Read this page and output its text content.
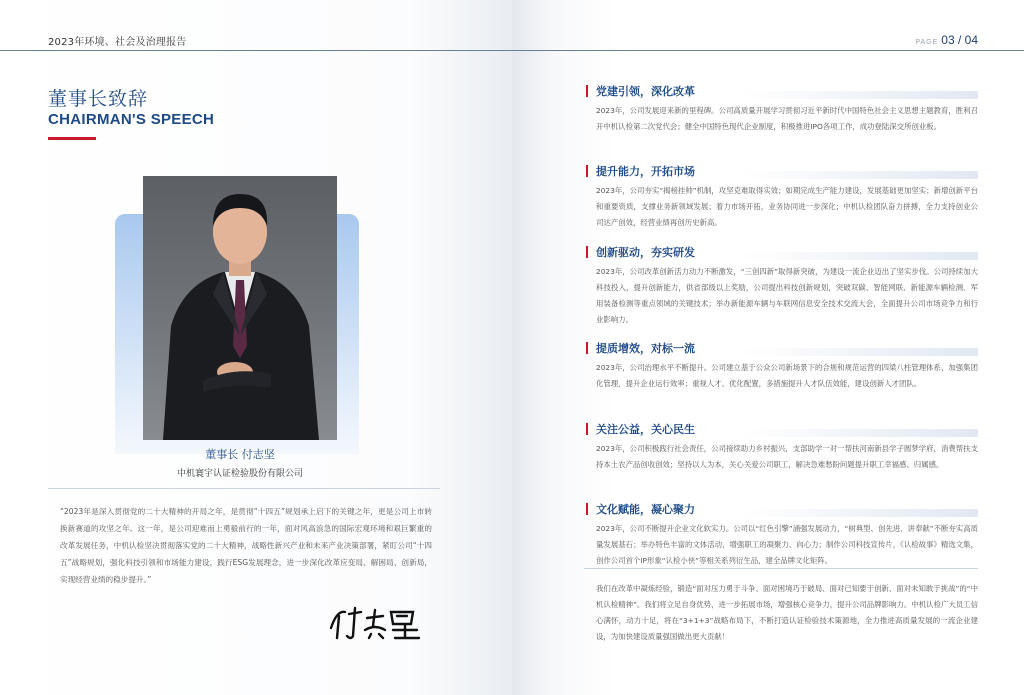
2023年环境、社会及治理报告
董事长致辞
CHAIRMAN'S SPEECH
董事长 付志坚
中机寰宇认证检验股份有限公司
“2023年是深入贯彻党的二十大精神的开局之年，是贯彻“十四五”规划承上启下的关键之年，更是公司上市转换新赛道的攻坚之年。这一年，是公司迎难而上勇毅前行的一年，面对风高浪急的国际宏观环境和艰巨繁重的改革发展任务，中机认检坚决贯彻落实党的二十大精神，战略性新兴产业和未来产业决策部署，紧盯公司“十四五”战略规划，强化科技引领和市场能力建设，践行ESG发展理念，进一步深化改革应变局、解困局、创新局，实现经营业绩的稳步提升。”
PAGE 03 / 04
党建引领，深化改革
2023年，公司发展迎来新的里程碑。公司高质量开展学习贯彻习近平新时代中国特色社会主义思想主题教育，胜利召开中机认检第二次党代会；健全中国特色现代企业制度，积极推进IPO各项工作，成功登陆深交所创业板。
提升能力，开拓市场
2023年，公司夯实“揭榜挂帅”机制，攻坚克难取得实效；如期完成生产能力建设，发展基础更加坚实；新增创新平台和重要资质，支撑业务新领域发展；着力市场开拓，业务协同进一步深化；中机认检团队奋力拼搏，全力支持创业公司达产创效，经营业绩再创历史新高。
创新驱动，夯实研发
2023年，公司改革创新活力动力不断激发，“三创四新”取得新突破，为建设一流企业迈出了坚实步伐。公司持续加大科技投入，提升创新能力，供省部级以上奖励，公司提出科技创新规划，突破双碳、智能网联、新能源车辆检测、军用装备检测等重点领域的关键技术；举办新能源车辆与车联网信息安全技术交流大会，全面提升公司市场竞争力和行业影响力。
提质增效，对标一流
2023年，公司治理水平不断提升。公司建立基于公众公司新场景下的合规和规范运营的四梁八柱管理体系，加强集团化管理，提升企业运行效率；重视人才、优化配置，多措施提升人才队伍效能，建设创新人才团队。
关注公益，关心民生
2023年，公司积极践行社会责任，公司接续助力乡村振兴，支部助学一对一帮扶河南新县学子圆梦学府，消费帮扶支持本土农产品创收创效；坚持以人为本，关心关爱公司职工，解决急难愁盼问题提升职工幸福感、归属感。
文化赋能，凝心聚力
2023年，公司不断提升企业文化软实力。公司以“红色引擎”涵强发展动力，“树典型、创先进、讲奉献”不断夯实高质量发展基石；举办特色丰富的文体活动，增强职工的凝聚力、向心力；制作公司科技宣传片，《认检故事》精选文集，创作公司首个IP形象“认检小侠”等相关系列衍生品，建全品牌文化矩阵。
我们在改革中凝炼经验，锻造“面对压力勇于斗争、面对困境巧于破局、面对已知要于创新、面对未知敢于挑战”的“中机认检精神”。我们将立足自身优势，进一步拓展市场，增强核心竞争力，提升公司品牌影响力。中机认检广大员工信心满怀，动力十足，将在“3+1+3”战略布局下，不断打造认证检验技术策源地，全力推进高质量发展的一流企业建设，为加快建设质量强国做出更大贡献！
